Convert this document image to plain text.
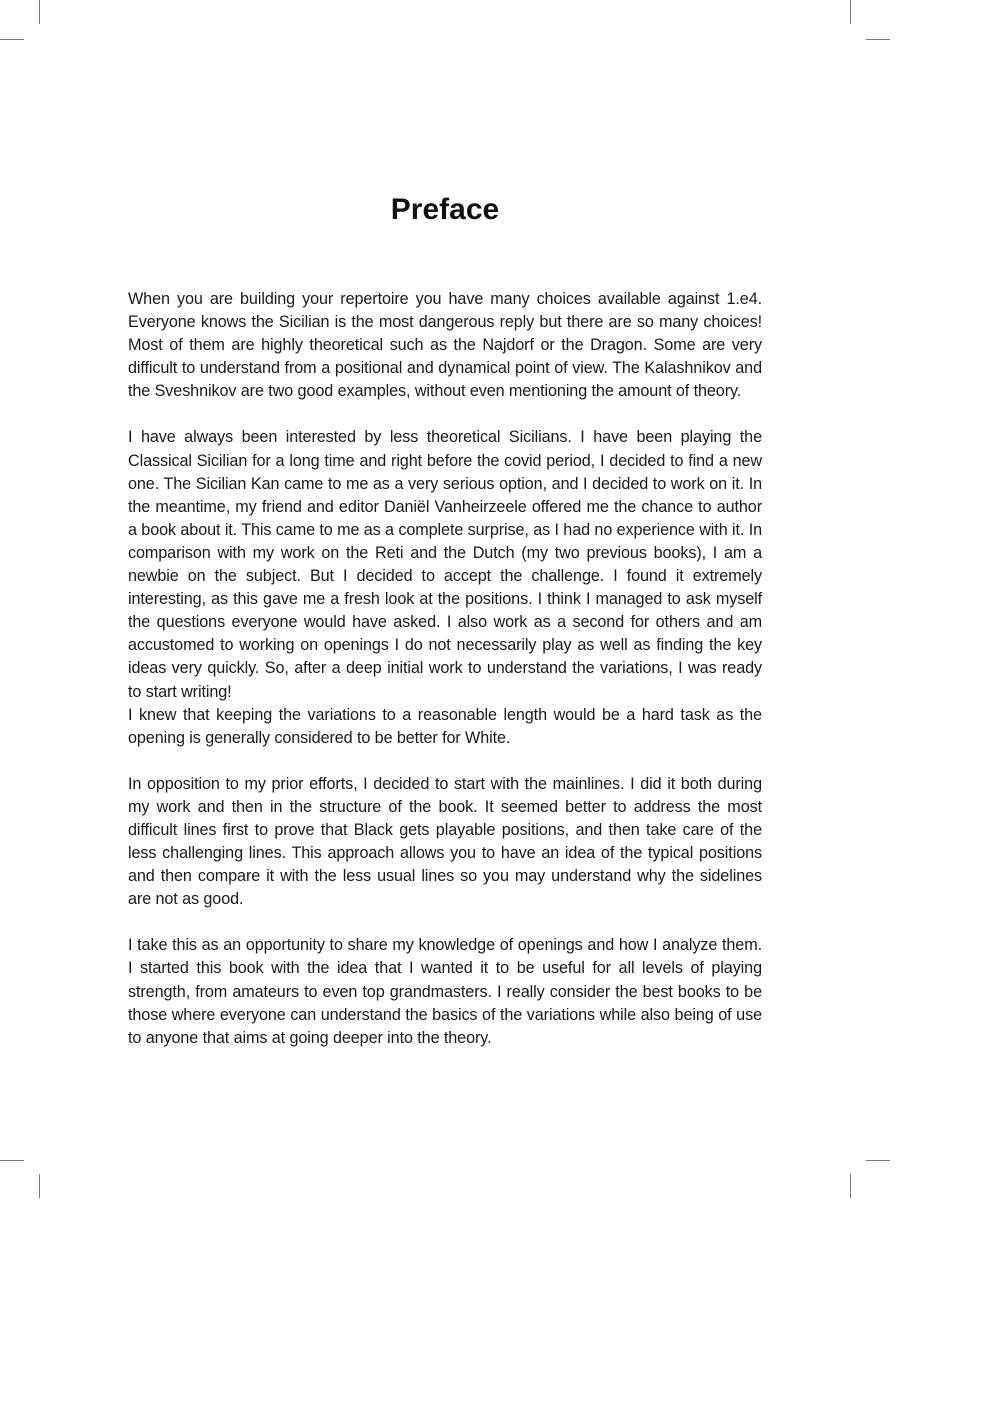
Preface

When you are building your repertoire you have many choices available against 1.e4. Everyone knows the Sicilian is the most dangerous reply but there are so many choices! Most of them are highly theoretical such as the Najdorf or the Dragon. Some are very difficult to understand from a positional and dynamical point of view. The Kalashnikov and the Sveshnikov are two good examples, without even mentioning the amount of theory.

I have always been interested by less theoretical Sicilians. I have been playing the Classical Sicilian for a long time and right before the covid period, I decided to find a new one. The Sicilian Kan came to me as a very serious option, and I decided to work on it. In the meantime, my friend and editor Daniël Vanheirzeele offered me the chance to author a book about it. This came to me as a complete surprise, as I had no experience with it. In comparison with my work on the Reti and the Dutch (my two previous books), I am a newbie on the subject. But I decided to accept the challenge. I found it extremely interesting, as this gave me a fresh look at the positions. I think I managed to ask myself the questions everyone would have asked. I also work as a second for others and am accustomed to working on openings I do not necessarily play as well as finding the key ideas very quickly. So, after a deep initial work to understand the variations, I was ready to start writing!
I knew that keeping the variations to a reasonable length would be a hard task as the opening is generally considered to be better for White.

In opposition to my prior efforts, I decided to start with the mainlines. I did it both during my work and then in the structure of the book. It seemed better to address the most difficult lines first to prove that Black gets playable positions, and then take care of the less challenging lines. This approach allows you to have an idea of the typical positions and then compare it with the less usual lines so you may understand why the sidelines are not as good.

I take this as an opportunity to share my knowledge of openings and how I analyze them. I started this book with the idea that I wanted it to be useful for all levels of playing strength, from amateurs to even top grandmasters. I really consider the best books to be those where everyone can understand the basics of the variations while also being of use to anyone that aims at going deeper into the theory.
